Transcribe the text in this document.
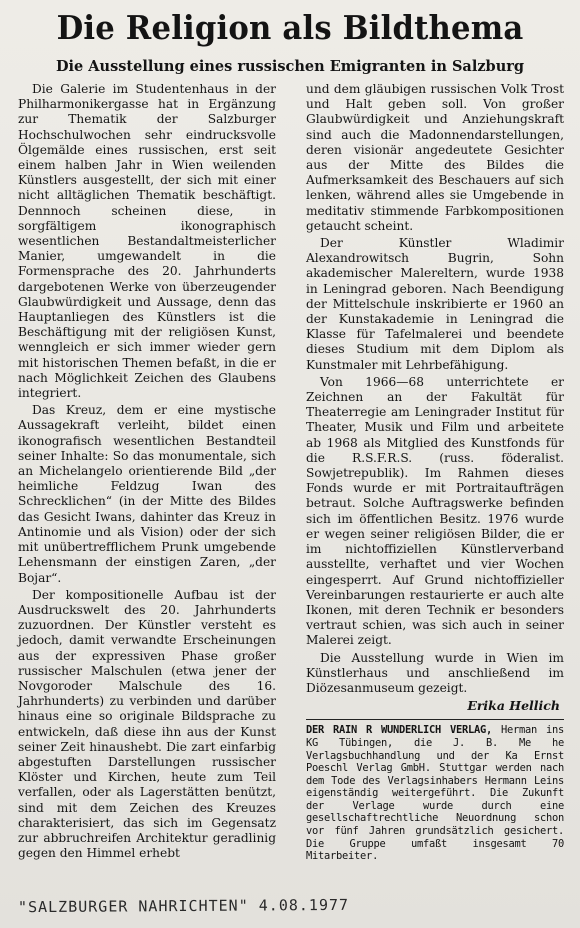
Die Religion als Bildthema
Die Ausstellung eines russischen Emigranten in Salzburg

Die Galerie im Studentenhaus in der Philharmonikergasse hat in Ergänzung zur Thematik der Salzburger Hochschulwochen sehr eindrucksvolle Ölgemälde eines russischen, erst seit einem halben Jahr in Wien weilenden Künstlers ausgestellt, der sich mit einer nicht alltäglichen Thematik beschäftigt. Dennnoch scheinen diese, in sorgfältigem ikonographisch wesentlichen Bestandaltmeisterlicher Manier, umgewandelt in die Formensprache des 20. Jahrhunderts dargebotenen Werke von überzeugender Glaubwürdigkeit und Aussage, denn das Hauptanliegen des Künstlers ist die Beschäftigung mit der religiösen Kunst, wenngleich er sich immer wieder gern mit historischen Themen befaßt, in die er nach Möglichkeit Zeichen des Glaubens integriert.

Das Kreuz, dem er eine mystische Aussagekraft verleiht, bildet einen ikonografisch wesentlichen Bestandteil seiner Inhalte: So das monumentale, sich an Michelangelo orientierende Bild „der heimliche Feldzug Iwan des Schrecklichen“ (in der Mitte des Bildes das Gesicht Iwans, dahinter das Kreuz in Antinomie und als Vision) oder der sich mit unübertrefflichem Prunk umgebende Lehensmann der einstigen Zaren, „der Bojar“.

Der kompositionelle Aufbau ist der Ausdruckswelt des 20. Jahrhunderts zuzuordnen. Der Künstler versteht es jedoch, damit verwandte Erscheinungen aus der expressiven Phase großer russischer Malschulen (etwa jener der Novgoroder Malschule des 16. Jahrhunderts) zu verbinden und darüber hinaus eine so originale Bildsprache zu entwickeln, daß diese ihn aus der Kunst seiner Zeit hinaushebt. Die zart einfarbig abgestuften Darstellungen russischer Klöster und Kirchen, heute zum Teil verfallen, oder als Lagerstätten benützt, sind mit dem Zeichen des Kreuzes charakterisiert, das sich im Gegensatz zur abbruchreifen Architektur geradlinig gegen den Himmel erhebt

und dem gläubigen russischen Volk Trost und Halt geben soll. Von großer Glaubwürdigkeit und Anziehungskraft sind auch die Madonnendarstellungen, deren visionär angedeutete Gesichter aus der Mitte des Bildes die Aufmerksamkeit des Beschauers auf sich lenken, während alles sie Umgebende in meditativ stimmende Farbkompositionen getaucht scheint.

Der Künstler Wladimir Alexandrowitsch Bugrin, Sohn akademischer Malereltern, wurde 1938 in Leningrad geboren. Nach Beendigung der Mittelschule inskribierte er 1960 an der Kunstakademie in Leningrad die Klasse für Tafelmalerei und beendete dieses Studium mit dem Diplom als Kunstmaler mit Lehrbefähigung.

Von 1966—68 unterrichtete er Zeichnen an der Fakultät für Theaterregie am Leningrader Institut für Theater, Musik und Film und arbeitete ab 1968 als Mitglied des Kunstfonds für die R.S.F.R.S. (russ. föderalist. Sowjetrepublik). Im Rahmen dieses Fonds wurde er mit Portraitaufträgen betraut. Solche Auftragswerke befinden sich im öffentlichen Besitz. 1976 wurde er wegen seiner religiösen Bilder, die er im nichtoffiziellen Künstlerverband ausstellte, verhaftet und vier Wochen eingesperrt. Auf Grund nichtoffizieller Vereinbarungen restaurierte er auch alte Ikonen, mit deren Technik er besonders vertraut schien, was sich auch in seiner Malerei zeigt.

Die Ausstellung wurde in Wien im Künstlerhaus und anschließend im Diözesanmuseum gezeigt.

Erika Hellich
DER RAIN R WUNDERLICH VERLAG, Herman ins KG Tübingen, die J. B. Me he Verlagsbuchhandlung und der Ka Ernst Poeschl Verlag GmbH. Stuttgar werden nach dem Tode des Verlagsinhabers Hermann Leins eigenständig weitergeführt. Die Zukunft der Verlage wurde durch eine gesellschaftrechtliche Neuordnung schon vor fünf Jahren grundsätzlich gesichert. Die Gruppe umfaßt insgesamt 70 Mitarbeiter.
"SALZBURGER NAHRICHTEN" 4.08.1977
